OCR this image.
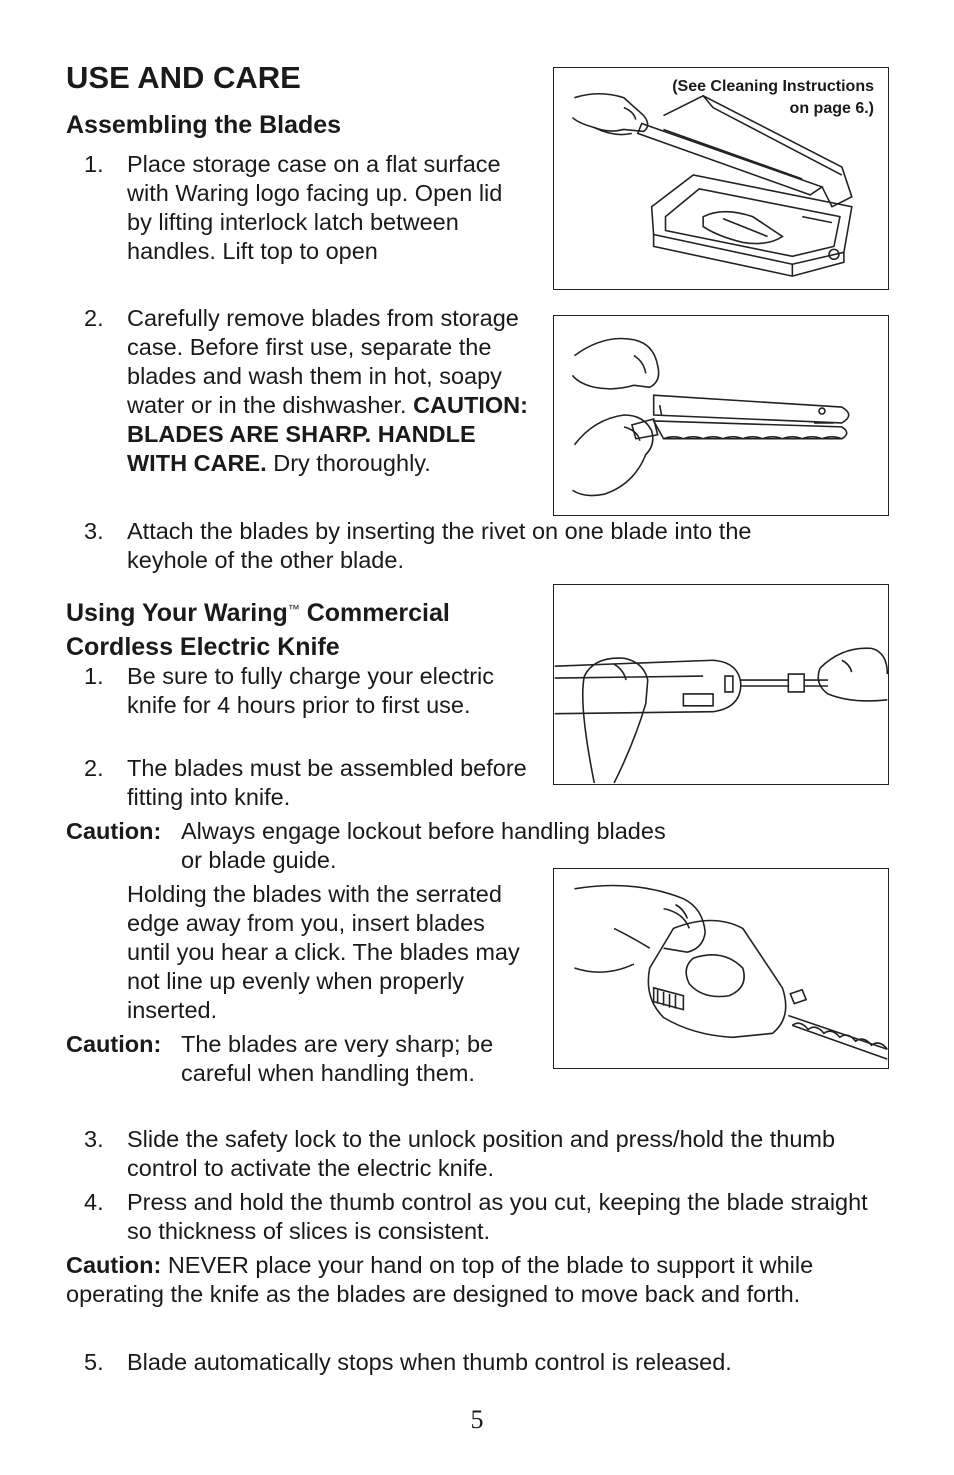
USE AND CARE
Assembling the Blades
1. Place storage case on a flat surface with Waring logo facing up. Open lid by lifting interlock latch between handles. Lift top to open
2. Carefully remove blades from storage case. Before first use, separate the blades and wash them in hot, soapy water or in the dishwasher. CAUTION: BLADES ARE SHARP. HANDLE WITH CARE. Dry thoroughly.
3. Attach the blades by inserting the rivet on one blade into the keyhole of the other blade.
(See Cleaning Instructions
on page 6.)
Using Your Waring™ Commercial
Cordless Electric Knife
1. Be sure to fully charge your electric knife for 4 hours prior to first use.
2. The blades must be assembled before fitting into knife.
Caution: Always engage lockout before handling blades
or blade guide.
Holding the blades with the serrated edge away from you, insert blades until you hear a click. The blades may not line up evenly when properly inserted.
Caution: The blades are very sharp; be careful when handling them.
3. Slide the safety lock to the unlock position and press/hold the thumb control to activate the electric knife.
4. Press and hold the thumb control as you cut, keeping the blade straight so thickness of slices is consistent.
Caution: NEVER place your hand on top of the blade to support it while operating the knife as the blades are designed to move back and forth.
5. Blade automatically stops when thumb control is released.
5
